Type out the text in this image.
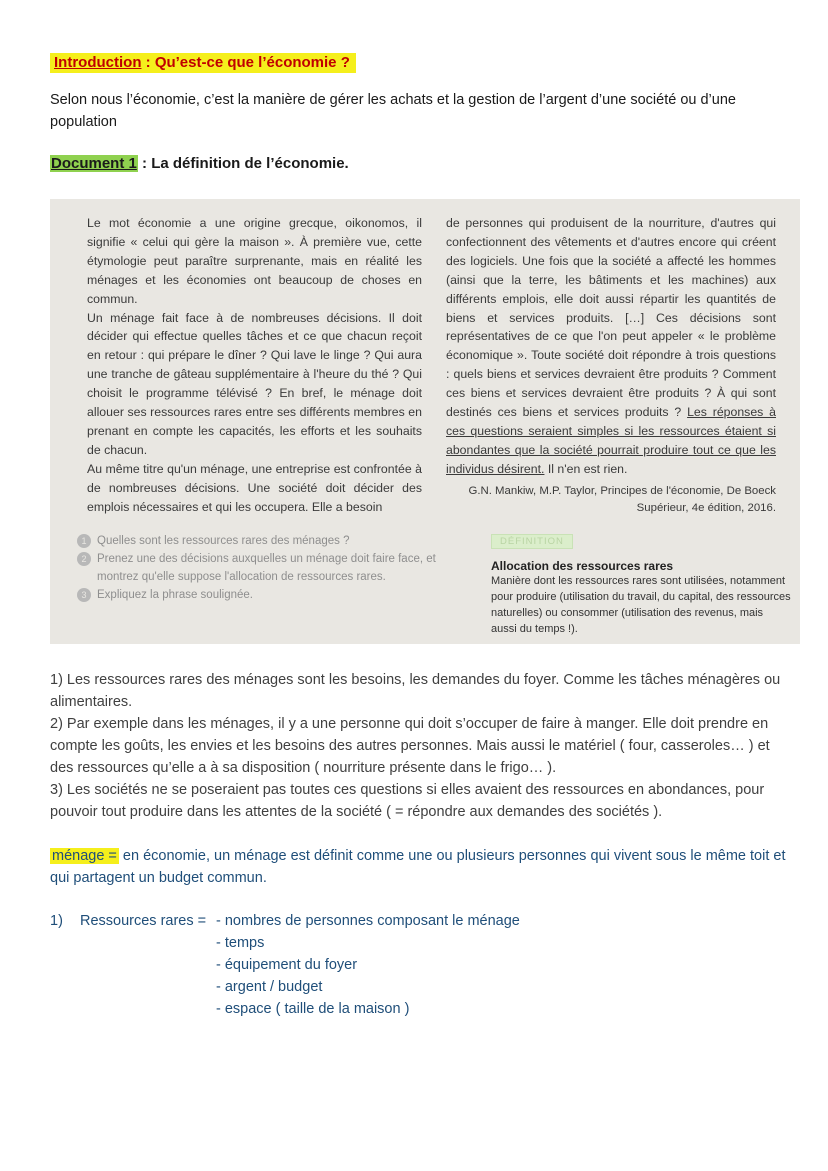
Introduction : Qu’est-ce que l’économie ?
Selon nous l’économie, c’est la manière de gérer les achats et la gestion de l’argent d’une société ou d’une population
Document 1 : La définition de l’économie.

Le mot économie a une origine grecque, oikonomos, il signifie « celui qui gère la maison ». À première vue, cette étymologie peut paraître surprenante, mais en réalité les ménages et les économies ont beaucoup de choses en commun.

Un ménage fait face à de nombreuses décisions. Il doit décider qui effectue quelles tâches et ce que chacun reçoit en retour : qui prépare le dîner ? Qui lave le linge ? Qui aura une tranche de gâteau supplémentaire à l'heure du thé ? Qui choisit le programme télévisé ? En bref, le ménage doit allouer ses ressources rares entre ses différents membres en prenant en compte les capacités, les efforts et les souhaits de chacun.

Au même titre qu'un ménage, une entreprise est confrontée à de nombreuses décisions. Une société doit décider des emplois nécessaires et qui les occupera. Elle a besoin

de personnes qui produisent de la nourriture, d'autres qui confectionnent des vêtements et d'autres encore qui créent des logiciels. Une fois que la société a affecté les hommes (ainsi que la terre, les bâtiments et les machines) aux différents emplois, elle doit aussi répartir les quantités de biens et services produits. […] Ces décisions sont représentatives de ce que l'on peut appeler « le problème économique ». Toute société doit répondre à trois questions : quels biens et services devraient être produits ? Comment ces biens et services devraient être produits ? À qui sont destinés ces biens et services produits ? Les réponses à ces questions seraient simples si les ressources étaient si abondantes que la société pourrait produire tout ce que les individus désirent. Il n'en est rien.

G.N. Mankiw, M.P. Taylor, Principes de l'économie, De Boeck
Supérieur, 4e édition, 2016.
1 Quelles sont les ressources rares des ménages ?
2 Prenez une des décisions auxquelles un ménage doit faire face, et montrez qu'elle suppose l'allocation de ressources rares.
3 Expliquez la phrase soulignée.
DÉFINITION
Allocation des ressources rares
Manière dont les ressources rares sont utilisées, notamment pour produire (utilisation du travail, du capital, des ressources naturelles) ou consommer (utilisation des revenus, mais aussi du temps !).

1) Les ressources rares des ménages sont les besoins, les demandes du foyer. Comme les tâches ménagères ou alimentaires.

2) Par exemple dans les ménages, il y a une personne qui doit s’occuper de faire à manger. Elle doit prendre en compte les goûts, les envies et les besoins des autres personnes. Mais aussi le matériel ( four, casseroles… ) et des ressources qu’elle a à sa disposition ( nourriture présente dans le frigo… ).

3) Les sociétés ne se poseraient pas toutes ces questions si elles avaient des ressources en abondances, pour pouvoir tout produire dans les attentes de la société ( = répondre aux demandes des sociétés ).

ménage = en économie, un ménage est définit comme une ou plusieurs personnes qui vivent sous le même toit et qui partagent un budget commun.
1) Ressources rares = - nombres de personnes composant le ménage
- temps
- équipement du foyer
- argent / budget
- espace ( taille de la maison )
